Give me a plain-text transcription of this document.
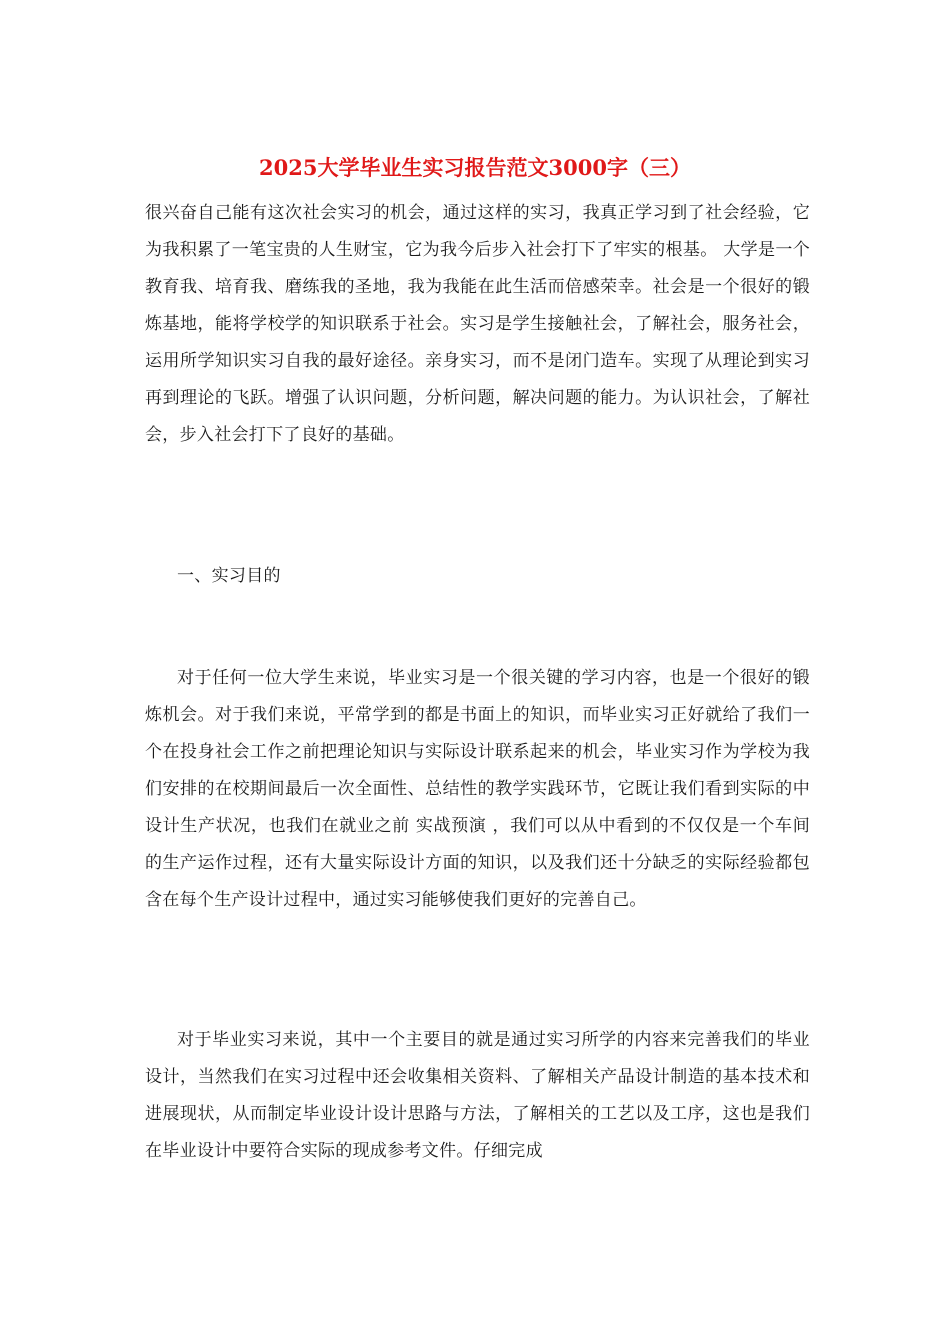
2025大学毕业生实习报告范文3000字（三）

很兴奋自己能有这次社会实习的机会，通过这样的实习，我真正学习到了社会经验，它为我积累了一笔宝贵的人生财宝，它为我今后步入社会打下了牢实的根基。 大学是一个教育我、培育我、磨练我的圣地，我为我能在此生活而倍感荣幸。社会是一个很好的锻炼基地，能将学校学的知识联系于社会。实习是学生接触社会，了解社会，服务社会，运用所学知识实习自我的最好途径。亲身实习，而不是闭门造车。实现了从理论到实习再到理论的飞跃。增强了认识问题，分析问题，解决问题的能力。为认识社会，了解社会，步入社会打下了良好的基础。

一、实习目的

对于任何一位大学生来说，毕业实习是一个很关键的学习内容，也是一个很好的锻炼机会。对于我们来说，平常学到的都是书面上的知识，而毕业实习正好就给了我们一个在投身社会工作之前把理论知识与实际设计联系起来的机会，毕业实习作为学校为我们安排的在校期间最后一次全面性、总结性的教学实践环节，它既让我们看到实际的中设计生产状况，也我们在就业之前 实战预演 ，我们可以从中看到的不仅仅是一个车间的生产运作过程，还有大量实际设计方面的知识，以及我们还十分缺乏的实际经验都包含在每个生产设计过程中，通过实习能够使我们更好的完善自己。

对于毕业实习来说，其中一个主要目的就是通过实习所学的内容来完善我们的毕业设计，当然我们在实习过程中还会收集相关资料、了解相关产品设计制造的基本技术和进展现状，从而制定毕业设计设计思路与方法，了解相关的工艺以及工序，这也是我们在毕业设计中要符合实际的现成参考文件。仔细完成
